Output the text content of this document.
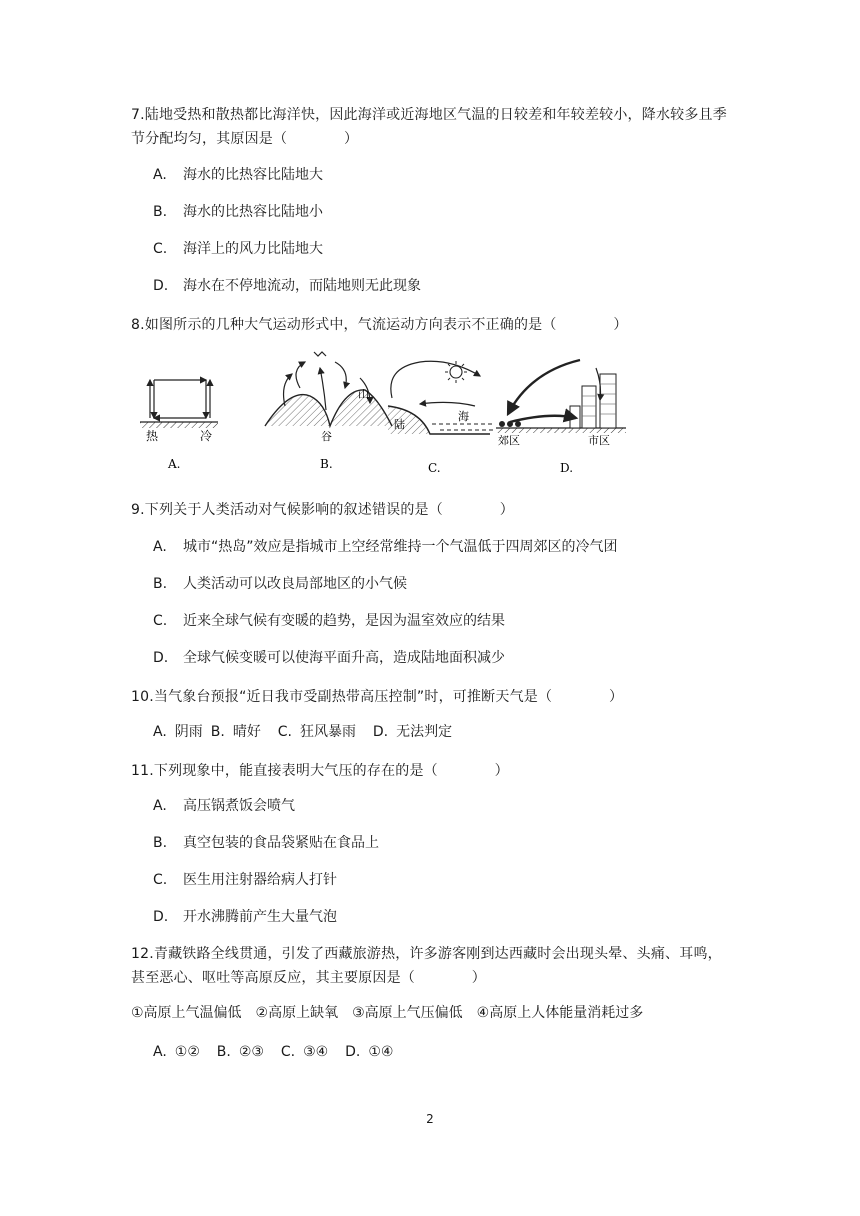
7.陆地受热和散热都比海洋快，因此海洋或近海地区气温的日较差和年较差较小，降水较多且季节分配均匀，其原因是（　　　　）
A. 海水的比热容比陆地大
B. 海水的比热容比陆地小
C. 海洋上的风力比陆地大
D. 海水在不停地流动，而陆地则无此现象
8.如图所示的几种大气运动形式中，气流运动方向表示不正确的是（　　　　）
热	冷
A.
山
谷
B.
陆
海
C.
郊区	市区
D.
9.下列关于人类活动对气候影响的叙述错误的是（　　　　）
A. 城市“热岛”效应是指城市上空经常维持一个气温低于四周郊区的冷气团
B. 人类活动可以改良局部地区的小气候
C. 近来全球气候有变暖的趋势，是因为温室效应的结果
D. 全球气候变暖可以使海平面升高，造成陆地面积减少
10.当气象台预报“近日我市受副热带高压控制”时，可推断天气是（　　　　）
A. 阴雨 B. 晴好 C. 狂风暴雨 D. 无法判定
11.下列现象中，能直接表明大气压的存在的是（　　　　）
A. 高压锅煮饭会喷气
B. 真空包装的食品袋紧贴在食品上
C. 医生用注射器给病人打针
D. 开水沸腾前产生大量气泡
12.青藏铁路全线贯通，引发了西藏旅游热，许多游客刚到达西藏时会出现头晕、头痛、耳鸣，甚至恶心、呕吐等高原反应，其主要原因是（　　　　）
①高原上气温偏低　②高原上缺氧　③高原上气压偏低　④高原上人体能量消耗过多
A. ①② B. ②③ C. ③④ D. ①④
2
